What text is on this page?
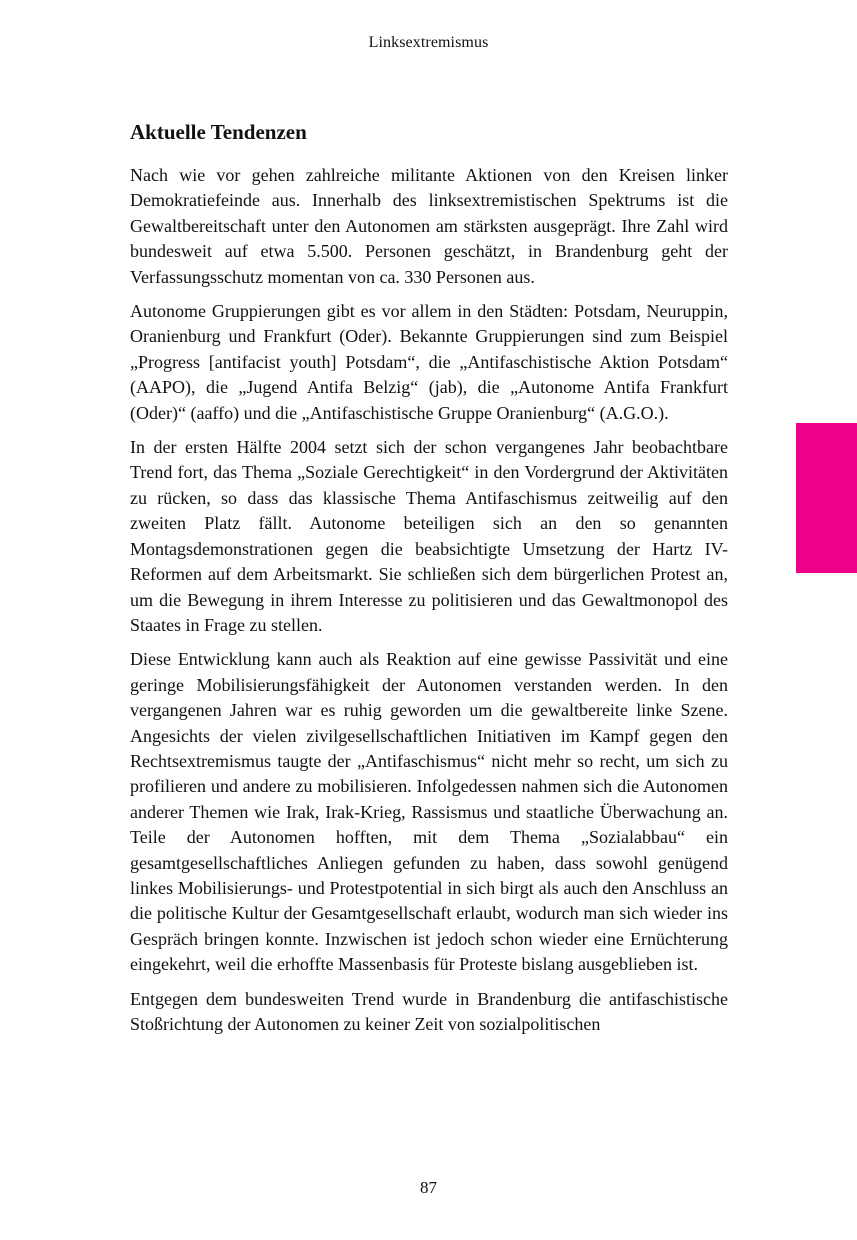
Linksextremismus
Aktuelle Tendenzen

Nach wie vor gehen zahlreiche militante Aktionen von den Kreisen linker Demokratiefeinde aus. Innerhalb des linksextremistischen Spektrums ist die Gewaltbereitschaft unter den Autonomen am stärksten ausgeprägt. Ihre Zahl wird bundesweit auf etwa 5.500. Personen geschätzt, in Brandenburg geht der Verfassungsschutz momentan von ca. 330 Personen aus.

Autonome Gruppierungen gibt es vor allem in den Städten: Potsdam, Neuruppin, Oranienburg und Frankfurt (Oder). Bekannte Gruppierungen sind zum Beispiel „Progress [antifacist youth] Potsdam“, die „Antifaschistische Aktion Potsdam“ (AAPO), die „Jugend Antifa Belzig“ (jab), die „Autonome Antifa Frankfurt (Oder)“ (aaffo) und die „Antifaschistische Gruppe Oranienburg“ (A.G.O.).

In der ersten Hälfte 2004 setzt sich der schon vergangenes Jahr beobachtbare Trend fort, das Thema „Soziale Gerechtigkeit“ in den Vordergrund der Aktivitäten zu rücken, so dass das klassische Thema Antifaschismus zeitweilig auf den zweiten Platz fällt. Autonome beteiligen sich an den so genannten Montagsdemonstrationen gegen die beabsichtigte Umsetzung der Hartz IV-Reformen auf dem Arbeitsmarkt. Sie schließen sich dem bürgerlichen Protest an, um die Bewegung in ihrem Interesse zu politisieren und das Gewaltmonopol des Staates in Frage zu stellen.

Diese Entwicklung kann auch als Reaktion auf eine gewisse Passivität und eine geringe Mobilisierungsfähigkeit der Autonomen verstanden werden. In den vergangenen Jahren war es ruhig geworden um die gewaltbereite linke Szene. Angesichts der vielen zivilgesellschaftlichen Initiativen im Kampf gegen den Rechtsextremismus taugte der „Antifaschismus“ nicht mehr so recht, um sich zu profilieren und andere zu mobilisieren. Infolgedessen nahmen sich die Autonomen anderer Themen wie Irak, Irak-Krieg, Rassismus und staatliche Überwachung an. Teile der Autonomen hofften, mit dem Thema „Sozialabbau“ ein gesamtgesellschaftliches Anliegen gefunden zu haben, dass sowohl genügend linkes Mobilisierungs- und Protestpotential in sich birgt als auch den Anschluss an die politische Kultur der Gesamtgesellschaft erlaubt, wodurch man sich wieder ins Gespräch bringen konnte. Inzwischen ist jedoch schon wieder eine Ernüchterung eingekehrt, weil die erhoffte Massenbasis für Proteste bislang ausgeblieben ist.

Entgegen dem bundesweiten Trend wurde in Brandenburg die antifaschistische Stoßrichtung der Autonomen zu keiner Zeit von sozialpolitischen

87
